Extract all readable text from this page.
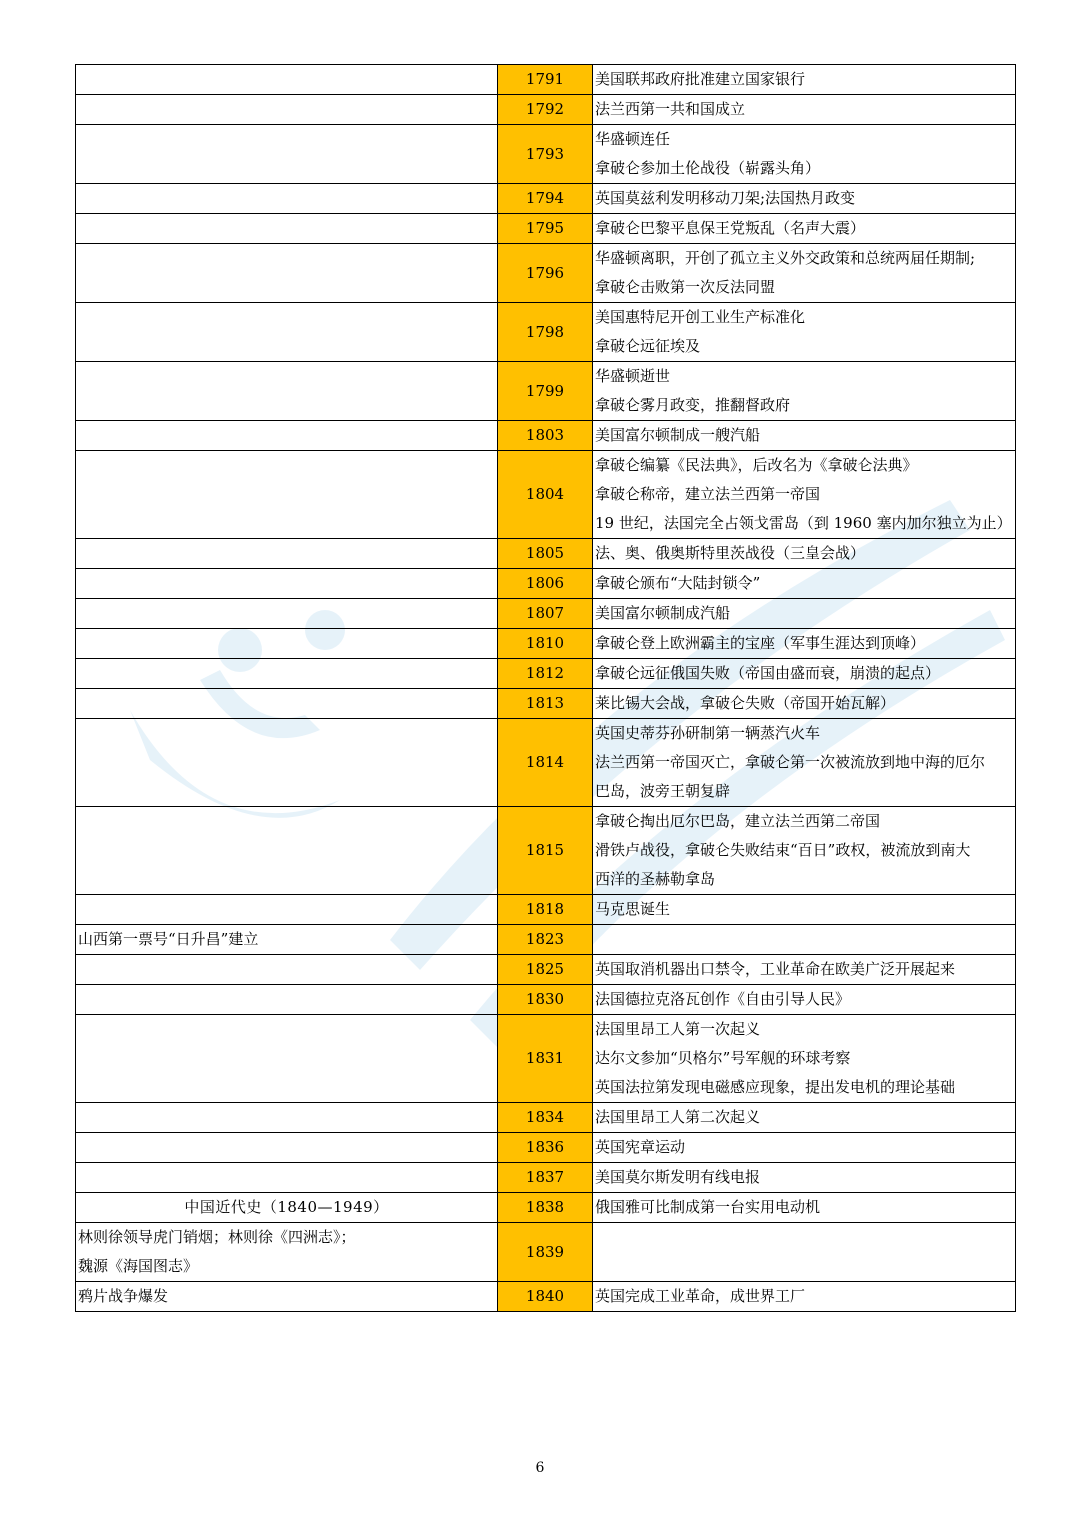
	1791	美国联邦政府批准建立国家银行

	1792	法兰西第一共和国成立

	1793	华盛顿连任
拿破仑参加土伦战役（崭露头角）

	1794	英国莫兹利发明移动刀架;法国热月政变

	1795	拿破仑巴黎平息保王党叛乱（名声大震）

	1796	华盛顿离职，开创了孤立主义外交政策和总统两届任期制;
拿破仑击败第一次反法同盟

	1798	美国惠特尼开创工业生产标准化
拿破仑远征埃及

	1799	华盛顿逝世
拿破仑雾月政变，推翻督政府

	1803	美国富尔顿制成一艘汽船

	1804	拿破仑编纂《民法典》，后改名为《拿破仑法典》
拿破仑称帝，建立法兰西第一帝国
19 世纪，法国完全占领戈雷岛（到 1960 塞内加尔独立为止）

	1805	法、奥、俄奥斯特里茨战役（三皇会战）

	1806	拿破仑颁布“大陆封锁令”

	1807	美国富尔顿制成汽船

	1810	拿破仑登上欧洲霸主的宝座（军事生涯达到顶峰）

	1812	拿破仑远征俄国失败（帝国由盛而衰，崩溃的起点）

	1813	莱比锡大会战，拿破仑失败（帝国开始瓦解）

	1814	英国史蒂芬孙研制第一辆蒸汽火车
法兰西第一帝国灭亡，拿破仑第一次被流放到地中海的厄尔
巴岛，波旁王朝复辟

	1815	拿破仑掏出厄尔巴岛，建立法兰西第二帝国
滑铁卢战役，拿破仑失败结束“百日”政权，被流放到南大
西洋的圣赫勒拿岛

	1818	马克思诞生

山西第一票号“日升昌”建立	1823	
	1825	英国取消机器出口禁令，工业革命在欧美广泛开展起来

	1830	法国德拉克洛瓦创作《自由引导人民》

	1831	法国里昂工人第一次起义
达尔文参加“贝格尔”号军舰的环球考察
英国法拉第发现电磁感应现象，提出发电机的理论基础

	1834	法国里昂工人第二次起义

	1836	英国宪章运动

	1837	美国莫尔斯发明有线电报

中国近代史（1840—1949）	1838	俄国雅可比制成第一台实用电动机

林则徐领导虎门销烟；林则徐《四洲志》；
魏源《海国图志》	1839	

鸦片战争爆发	1840	英国完成工业革命，成世界工厂
6
